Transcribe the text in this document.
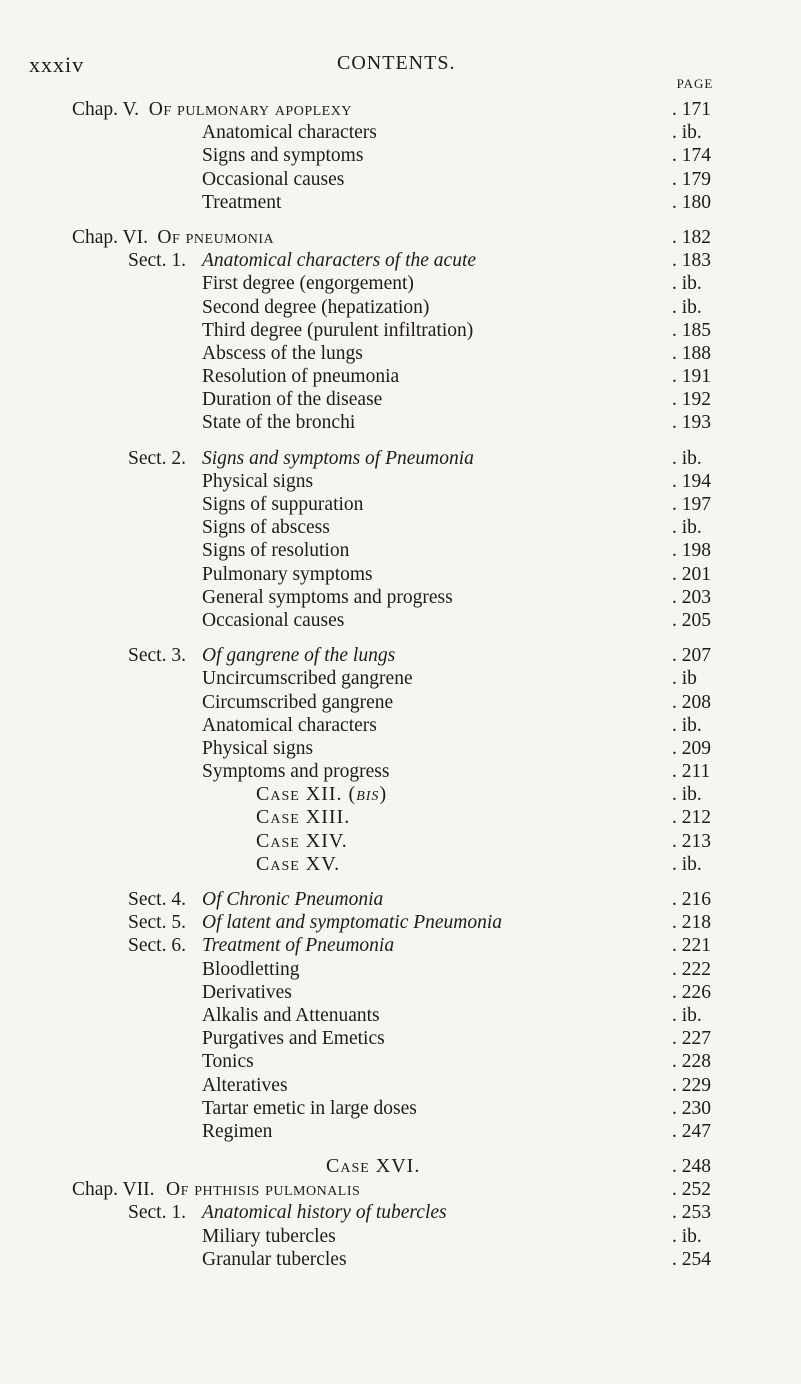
xxxiv	CONTENTS.
PAGE
Chap. V. Of pulmonary apoplexy	. 171
Anatomical characters	. ib.
Signs and symptoms	. 174
Occasional causes	. 179
Treatment	. 180
Chap. VI. Of pneumonia	. 182
Sect. 1. Anatomical characters of the acute	. 183
First degree (engorgement)	. ib.
Second degree (hepatization)	. ib.
Third degree (purulent infiltration)	. 185
Abscess of the lungs	. 188
Resolution of pneumonia	. 191
Duration of the disease	. 192
State of the bronchi	. 193
Sect. 2. Signs and symptoms of Pneumonia	. ib.
Physical signs	. 194
Signs of suppuration	. 197
Signs of abscess	. ib.
Signs of resolution	. 198
Pulmonary symptoms	. 201
General symptoms and progress	. 203
Occasional causes	. 205
Sect. 3. Of gangrene of the lungs	. 207
Uncircumscribed gangrene	. ib
Circumscribed gangrene	. 208
Anatomical characters	. ib.
Physical signs	. 209
Symptoms and progress	. 211
Case XII. (bis)	. ib.
Case XIII.	. 212
Case XIV.	. 213
Case XV.	. ib.
Sect. 4. Of Chronic Pneumonia	. 216
Sect. 5. Of latent and symptomatic Pneumonia	. 218
Sect. 6. Treatment of Pneumonia	. 221
Bloodletting	. 222
Derivatives	. 226
Alkalis and Attenuants	. ib.
Purgatives and Emetics	. 227
Tonics	. 228
Alteratives	. 229
Tartar emetic in large doses	. 230
Regimen	. 247
Case XVI.	. 248
Chap. VII. Of phthisis pulmonalis	. 252
Sect. 1. Anatomical history of tubercles	. 253
Miliary tubercles	. ib.
Granular tubercles	. 254
